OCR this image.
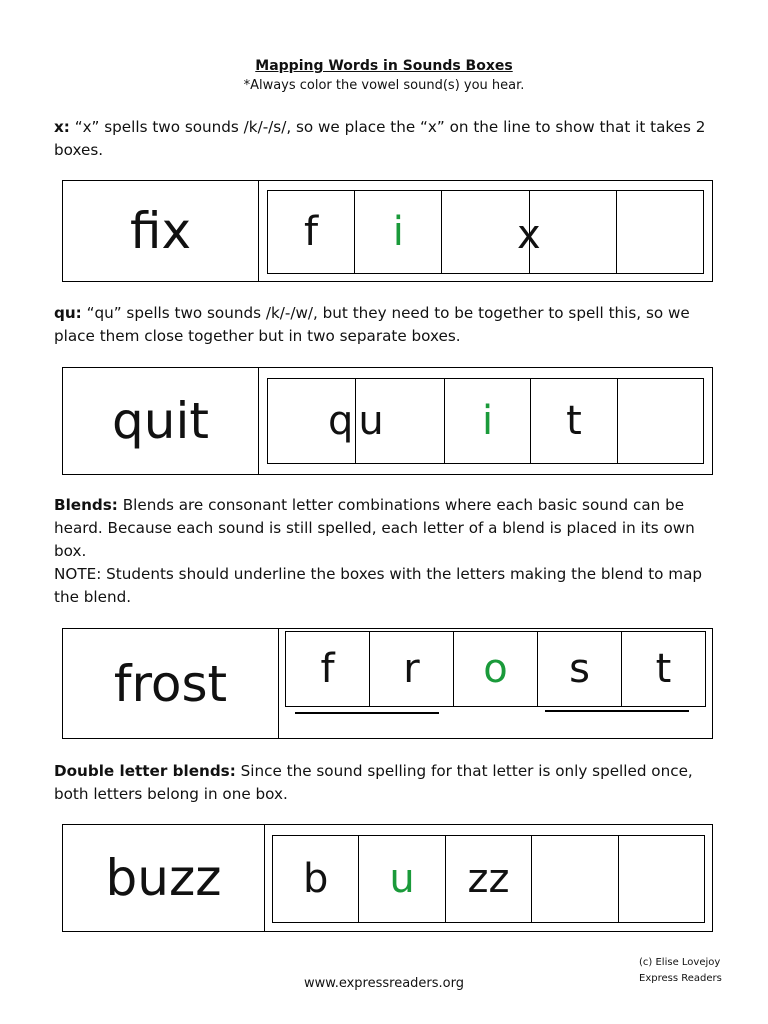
Mapping Words in Sounds Boxes
*Always color the vowel sound(s) you hear.
x: “x” spells two sounds /k/-/s/, so we place the “x” on the line to show that it takes 2 boxes.
fix	f	i	x
qu: “qu” spells two sounds /k/-/w/, but they need to be together to spell this, so we place them close together but in two separate boxes.
quit	q u	i	t
Blends: Blends are consonant letter combinations where each basic sound can be heard. Because each sound is still spelled, each letter of a blend is placed in its own box.
NOTE: Students should underline the boxes with the letters making the blend to map the blend.
frost	f	r	o	s	t
Double letter blends: Since the sound spelling for that letter is only spelled once, both letters belong in one box.
buzz	b	u	zz
(c) Elise Lovejoy
Express Readers
www.expressreaders.org
